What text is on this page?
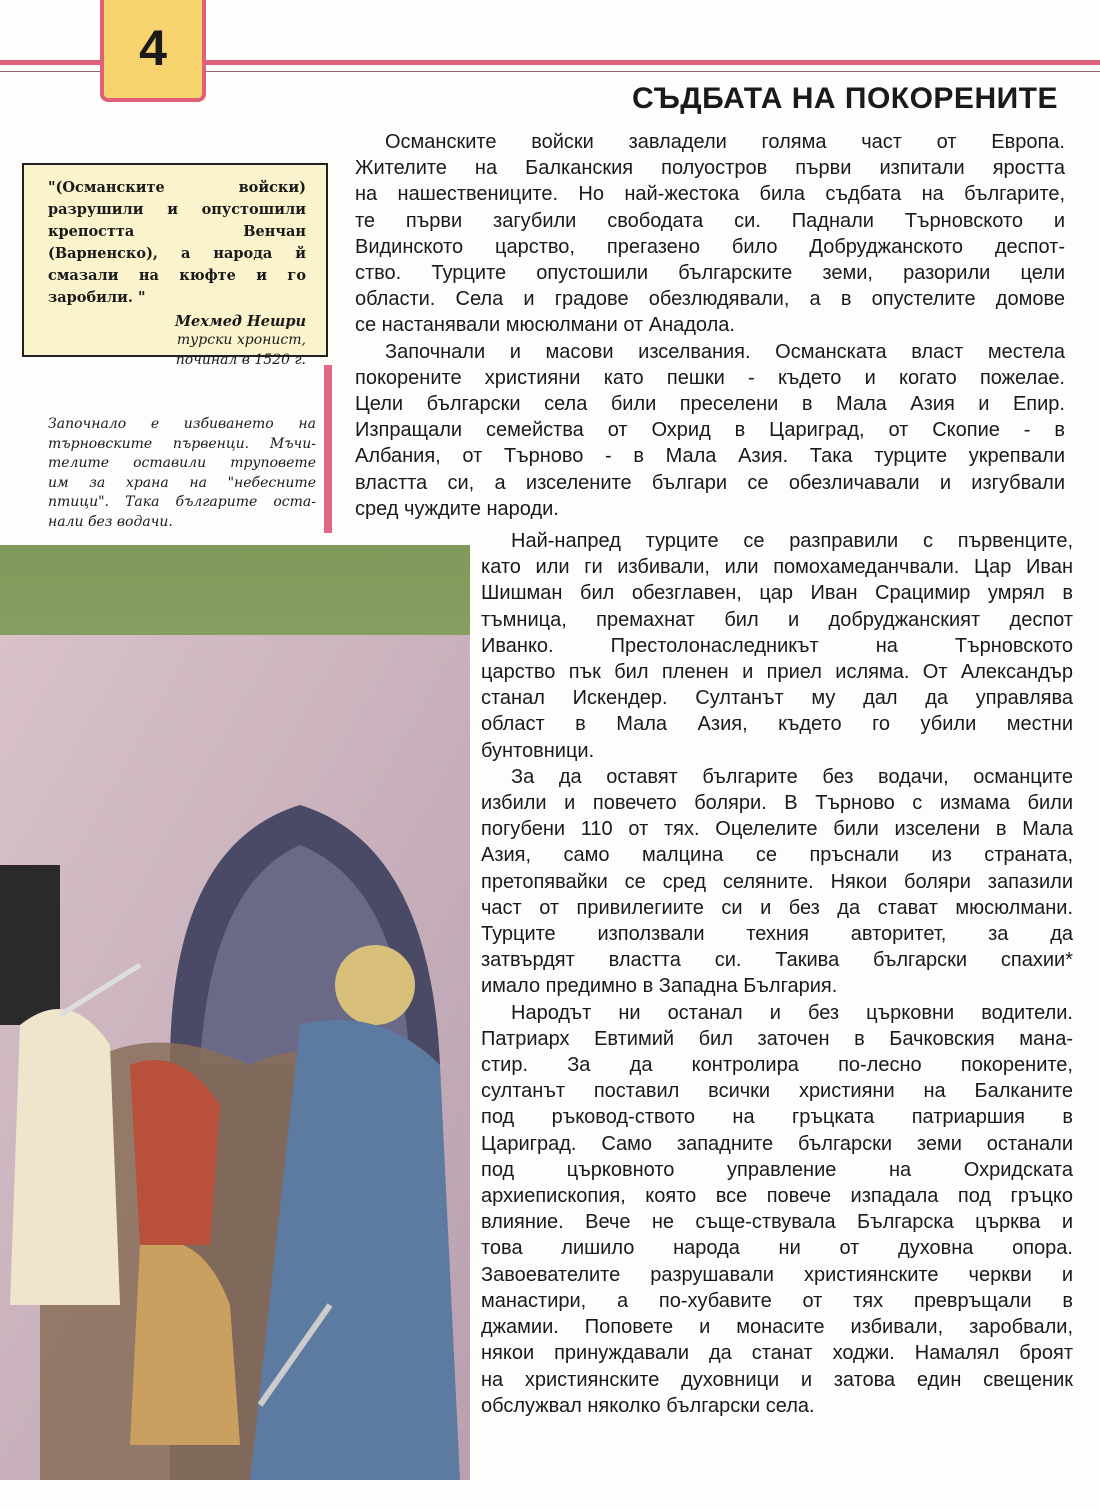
4
СЪДБАТА НА ПОКОРЕНИТЕ
"(Османските войски) разрушили и опустошили крепостта Венчан (Варненско), а народа й смазали на кюфте и го заробили. "
Мехмед Нешри
турски хронист,
починал в 1520 г.
Започнало е избиването на
търновските първенци. Мъчи-
телите оставили труповете
им за храна на "небесните
птици". Така българите оста-
нали без водачи.
Османските войски завладели голяма част от Европа.
Жителите на Балканския полуостров първи изпитали яростта
на нашествениците. Но най-жестока била съдбата на българите,
те първи загубили свободата си. Паднали Търновското и
Видинското царство, прегазено било Добруджанското деспот-
ство. Турците опустошили българските земи, разорили цели
области. Села и градове обезлюдявали, а в опустелите домове
се настанявали мюсюлмани от Анадола.
Започнали и масови изселвания. Османската власт местела
покорените християни като пешки - където и когато пожелае.
Цели български села били преселени в Мала Азия и Епир.
Изпращали семейства от Охрид в Цариград, от Скопие - в
Албания, от Търново - в Мала Азия. Така турците укрепвали
властта си, а изселените българи се обезличавали и изгубвали
сред чуждите народи.
Най-напред турците се разправили с първенците,
като или ги избивали, или помохамеданчвали. Цар Иван
Шишман бил обезглавен, цар Иван Срацимир умрял в
тъмница, премахнат бил и добруджанският деспот
Иванко. Престолонаследникът на Търновското
царство пък бил пленен и приел исляма. От Александър
станал Искендер. Султанът му дал да управлява
област в Мала Азия, където го убили местни
бунтовници.
За да оставят българите без водачи, османците
избили и повечето боляри. В Търново с измама били
погубени 110 от тях. Оцелелите били изселени в Мала
Азия, само малцина се пръснали из страната,
претопявайки се сред селяните. Някои боляри запазили
част от привилегиите си и без да стават мюсюлмани.
Турците използвали техния авторитет, за да
затвърдят властта си. Такива български спахии*
имало предимно в Западна България.
Народът ни останал и без църковни водители.
Патриарх Евтимий бил заточен в Бачковския мана-
стир. За да контролира по-лесно покорените,
султанът поставил всички християни на Балканите
под ръковод-ството на гръцката патриаршия в
Цариград. Само западните български земи останали
под църковното управление на Охридската
архиепископия, която все повече изпадала под гръцко
влияние. Вече не съще-ствувала Българска църква и
това лишило народа ни от духовна опора.
Завоевателите разрушавали християнските черкви и
манастири, а по-хубавите от тях превръщали в
джамии. Поповете и монасите избивали, заробвали,
някои принуждавали да станат ходжи. Намалял броят
на християнските духовници и затова един свещеник
обслужвал няколко български села.
